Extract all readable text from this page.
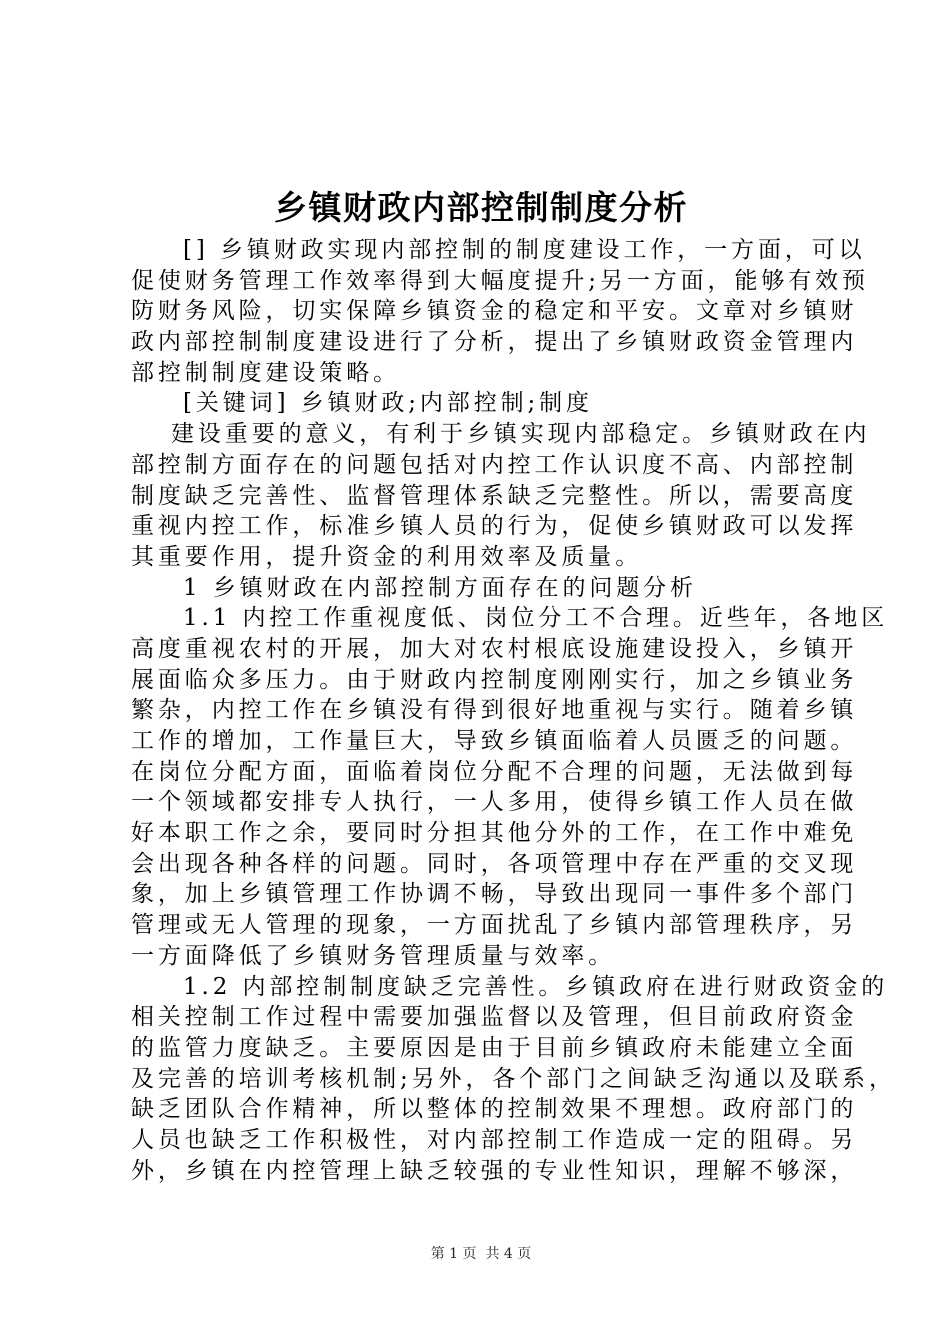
乡镇财政内部控制制度分析
[] 乡镇财政实现内部控制的制度建设工作，一方面，可以
促使财务管理工作效率得到大幅度提升;另一方面，能够有效预
防财务风险，切实保障乡镇资金的稳定和平安。文章对乡镇财
政内部控制制度建设进行了分析，提出了乡镇财政资金管理内
部控制制度建设策略。
[关键词] 乡镇财政;内部控制;制度
建设重要的意义，有利于乡镇实现内部稳定。乡镇财政在内
部控制方面存在的问题包括对内控工作认识度不高、内部控制
制度缺乏完善性、监督管理体系缺乏完整性。所以，需要高度
重视内控工作，标准乡镇人员的行为，促使乡镇财政可以发挥
其重要作用，提升资金的利用效率及质量。
1 乡镇财政在内部控制方面存在的问题分析
1.1 内控工作重视度低、岗位分工不合理。近些年，各地区
高度重视农村的开展，加大对农村根底设施建设投入，乡镇开
展面临众多压力。由于财政内控制度刚刚实行，加之乡镇业务
繁杂，内控工作在乡镇没有得到很好地重视与实行。随着乡镇
工作的增加，工作量巨大，导致乡镇面临着人员匮乏的问题。
在岗位分配方面，面临着岗位分配不合理的问题，无法做到每
一个领域都安排专人执行，一人多用，使得乡镇工作人员在做
好本职工作之余，要同时分担其他分外的工作，在工作中难免
会出现各种各样的问题。同时，各项管理中存在严重的交叉现
象，加上乡镇管理工作协调不畅，导致出现同一事件多个部门
管理或无人管理的现象，一方面扰乱了乡镇内部管理秩序，另
一方面降低了乡镇财务管理质量与效率。
1.2 内部控制制度缺乏完善性。乡镇政府在进行财政资金的
相关控制工作过程中需要加强监督以及管理，但目前政府资金
的监管力度缺乏。主要原因是由于目前乡镇政府未能建立全面
及完善的培训考核机制;另外，各个部门之间缺乏沟通以及联系，
缺乏团队合作精神，所以整体的控制效果不理想。政府部门的
人员也缺乏工作积极性，对内部控制工作造成一定的阻碍。另
外，乡镇在内控管理上缺乏较强的专业性知识，理解不够深，
第 1 页  共 4 页
